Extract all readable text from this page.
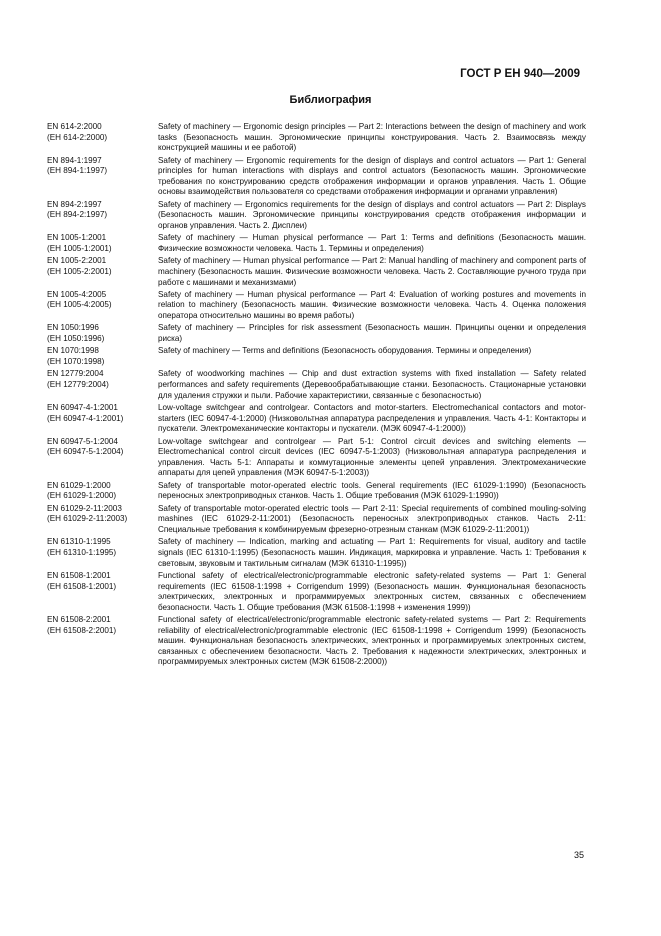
ГОСТ Р ЕН 940—2009
Библиография
EN 614-2:2000
(ЕН 614-2:2000)
Safety of machinery — Ergonomic design principles — Part 2: Interactions between the design of machinery and work tasks (Безопасность машин. Эргономические принципы конструирования. Часть 2. Взаимосвязь между конструкцией машины и ее работой)
EN 894-1:1997
(ЕН 894-1:1997)
Safety of machinery — Ergonomic requirements for the design of displays and control actuators — Part 1: General principles for human interactions with displays and control actuators (Безопасность машин. Эргономические требования по конструированию средств отображения информации и органов управления. Часть 1. Общие основы взаимодействия пользователя со средствами отображения информации и органами управления)
EN 894-2:1997
(ЕН 894-2:1997)
Safety of machinery — Ergonomics requirements for the design of displays and control actuators — Part 2: Displays (Безопасность машин. Эргономические принципы конструирования средств отображения информации и органов управления. Часть 2. Дисплеи)
EN 1005-1:2001
(ЕН 1005-1:2001)
Safety of machinery — Human physical performance — Part 1: Terms and definitions (Безопасность машин. Физические возможности человека. Часть 1. Термины и определения)
EN 1005-2:2001
(ЕН 1005-2:2001)
Safety of machinery — Human physical performance — Part 2: Manual handling of machinery and component parts of machinery (Безопасность машин. Физические возможности человека. Часть 2. Составляющие ручного труда при работе с машинами и механизмами)
EN 1005-4:2005
(ЕН 1005-4:2005)
Safety of machinery — Human physical performance — Part 4: Evaluation of working postures and movements in relation to machinery (Безопасность машин. Физические возможности человека. Часть 4. Оценка положения оператора относительно машины во время работы)
EN 1050:1996
(ЕН 1050:1996)
Safety of machinery — Principles for risk assessment (Безопасность машин. Принципы оценки и определения риска)
EN 1070:1998
(ЕН 1070:1998)
Safety of machinery — Terms and definitions (Безопасность оборудования. Термины и определения)
EN 12779:2004
(ЕН 12779:2004)
Safety of woodworking machines — Chip and dust extraction systems with fixed installation — Safety related performances and safety requirements (Деревообрабатывающие станки. Безопасность. Стационарные установки для удаления стружки и пыли. Рабочие характеристики, связанные с безопасностью)
EN 60947-4-1:2001
(ЕН 60947-4-1:2001)
Low-voltage switchgear and controlgear. Contactors and motor-starters. Electromechanical contactors and motor-starters (IEC 60947-4-1:2000) (Низковольтная аппаратура распределения и управления. Часть 4-1: Контакторы и пускатели. Электромеханические контакторы и пускатели. (МЭК 60947-4-1:2000))
EN 60947-5-1:2004
(ЕН 60947-5-1:2004)
Low-voltage switchgear and controlgear — Part 5-1: Control circuit devices and switching elements — Electromechanical control circuit devices (IEC 60947-5-1:2003) (Низковольтная аппаратура распределения и управления. Часть 5-1: Аппараты и коммутационные элементы цепей управления. Электромеханические аппараты для цепей управления (МЭК 60947-5-1:2003))
EN 61029-1:2000
(ЕН 61029-1:2000)
Safety of transportable motor-operated electric tools. General requirements (IEC 61029-1:1990) (Безопасность переносных электроприводных станков. Часть 1. Общие требования (МЭК 61029-1:1990))
EN 61029-2-11:2003
(ЕН 61029-2-11:2003)
Safety of transportable motor-operated electric tools — Part 2-11: Special requirements of combined mouling-solving mashines (IEC 61029-2-11:2001) (Безопасность переносных электроприводных станков. Часть 2-11: Специальные требования к комбинируемым фрезерно-отрезным станкам (МЭК 61029-2-11:2001))
EN 61310-1:1995
(ЕН 61310-1:1995)
Safety of machinery — Indication, marking and actuating — Part 1: Requirements for visual, auditory and tactile signals (IEC 61310-1:1995) (Безопасность машин. Индикация, маркировка и управление. Часть 1: Требования к световым, звуковым и тактильным сигналам (МЭК 61310-1:1995))
EN 61508-1:2001
(ЕН 61508-1:2001)
Functional safety of electrical/electronic/programmable electronic safety-related systems — Part 1: General requirements (IEC 61508-1:1998 + Corrigendum 1999) (Безопасность машин. Функциональная безопасность электрических, электронных и программируемых электронных систем, связанных с обеспечением безопасности. Часть 1. Общие требования (МЭК 61508-1:1998 + изменения 1999))
EN 61508-2:2001
(ЕН 61508-2:2001)
Functional safety of electrical/electronic/programmable electronic safety-related systems — Part 2: Requirements reliability of electrical/electronic/programmable electronic (IEC 61508-1:1998 + Corrigendum 1999) (Безопасность машин. Функциональная безопасность электрических, электронных и программируемых электронных систем, связанных с обеспечением безопасности. Часть 2. Требования к надежности электрических, электронных и программируемых электронных систем (МЭК 61508-2:2000))
35
